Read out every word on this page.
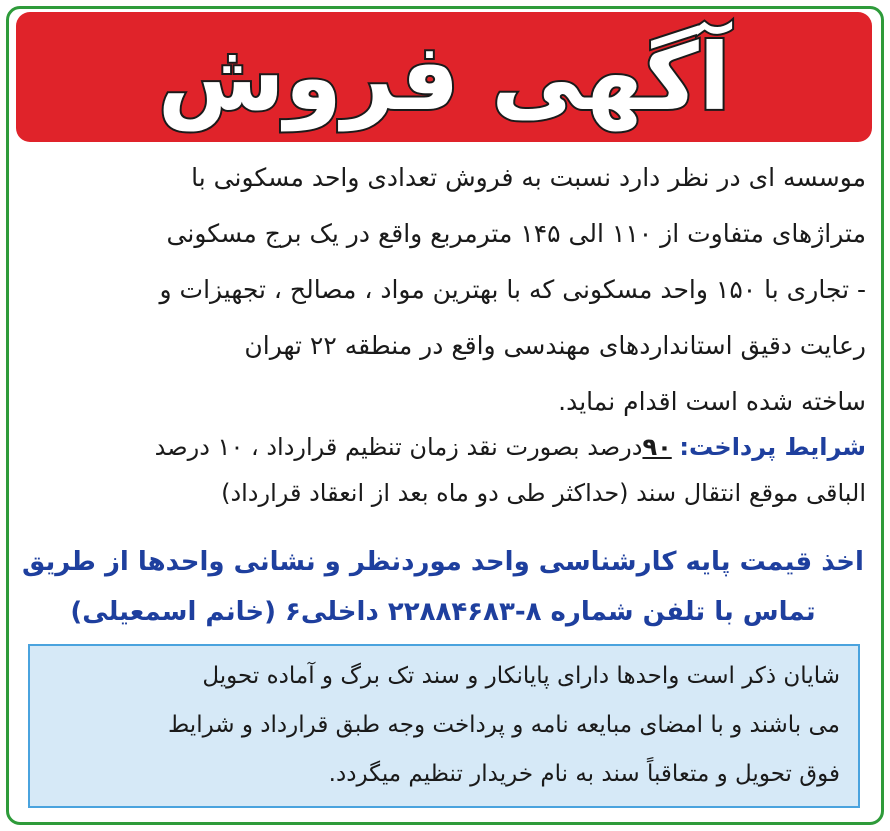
آگهی فروش
موسسه ای در نظر دارد نسبت به فروش تعدادی واحد مسکونی با
متراژهای متفاوت از ۱۱۰ الی ۱۴۵ مترمربع واقع در یک برج مسکونی
- تجاری با ۱۵۰ واحد مسکونی که با بهترین مواد ، مصالح ، تجهیزات و
رعایت دقیق استانداردهای مهندسی واقع در منطقه ۲۲ تهران
ساخته شده است اقدام نماید.
شرایط پرداخت: ۹۰درصد بصورت نقد زمان تنظیم قرارداد ، ۱۰ درصد
الباقی موقع انتقال سند (حداکثر طی دو ماه بعد از انعقاد قرارداد)
اخذ قیمت پایه کارشناسی واحد موردنظر و نشانی واحدها از طریق
تماس با تلفن شماره ۸-۲۲۸۸۴۶۸۳ داخلی۶ (خانم اسمعیلی)
شایان ذکر است واحدها دارای پایانکار و سند تک برگ و آماده تحویل
می باشند و با امضای مبایعه نامه و پرداخت وجه طبق قرارداد و شرایط
فوق تحویل و متعاقباً سند به نام خریدار تنظیم میگردد.
